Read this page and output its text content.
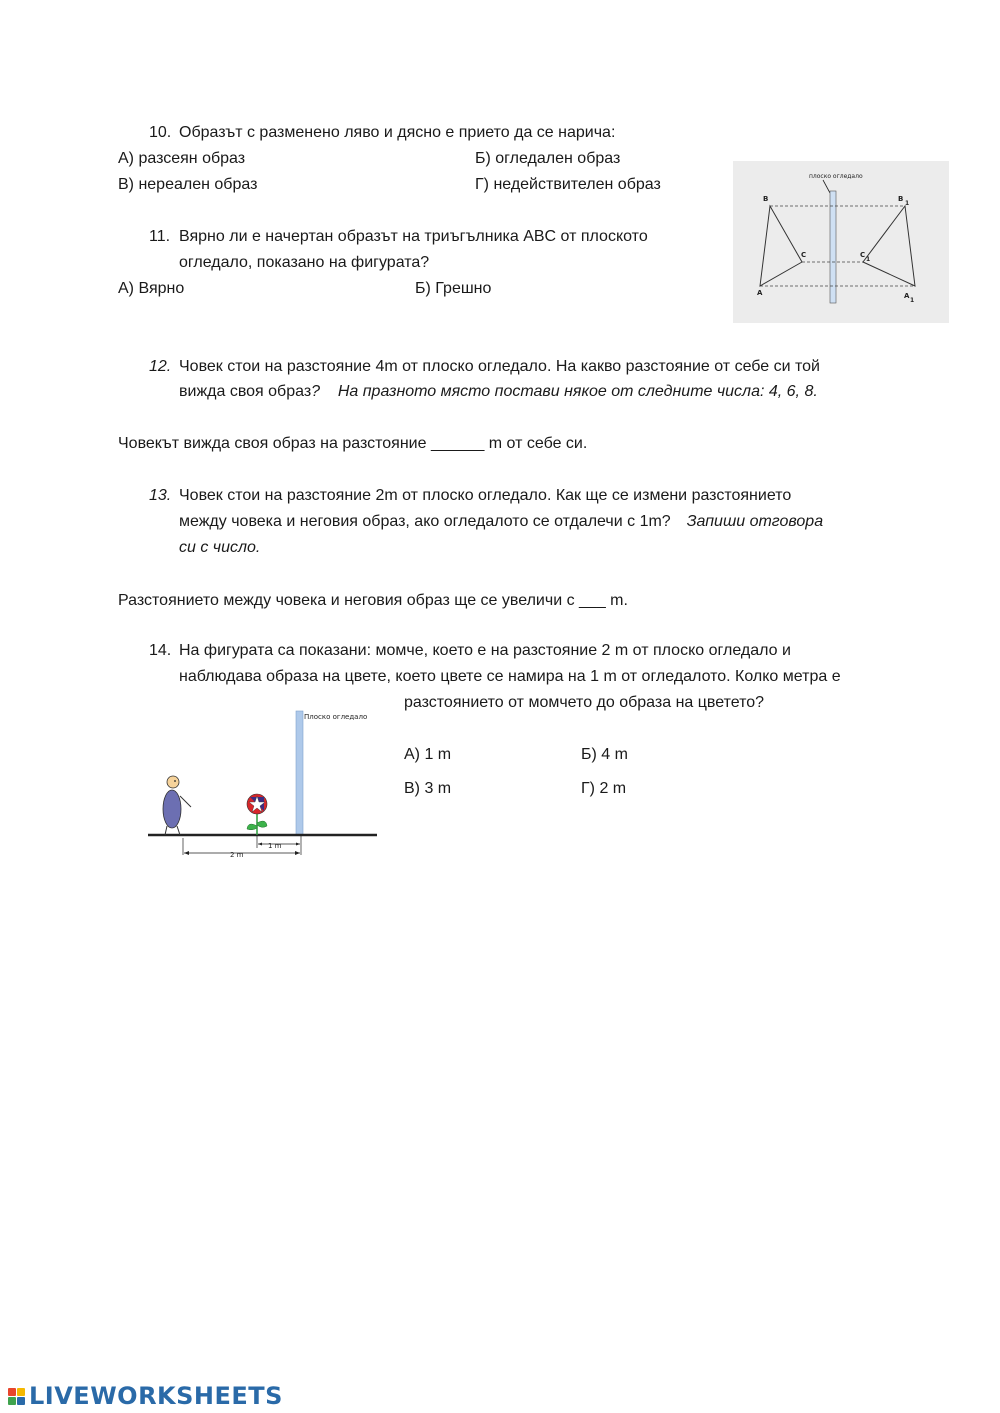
10. Образът с разменено ляво и дясно е прието да се нарича:
А) разсеян образ	Б) огледален образ
В) нереален образ	Г) недействителен образ
11. Вярно ли е начертан образът на триъгълника ABC от плоското
огледало, показано на фигурата?
А) Вярно	Б) Грешно
плоско огледало
B	B
1
C	C
1
A	A
1
12. Човек стои на разстояние 4m от плоско огледало. На какво разстояние от себе си той
вижда своя образ?    На празното място постави някое от следните числа: 4, 6, 8.
Човекът вижда своя образ на разстояние ______ m от себе си.
13. Човек стои на разстояние 2m от плоско огледало. Как ще се измени разстоянието
между човека и неговия образ, ако огледалото се отдалечи с 1m? Запиши отговора
си с число.
Разстоянието между човека и неговия образ ще се увеличи с ___ m.
14. На фигурата са показани: момче, което е на разстояние 2 m от плоско огледало и
наблюдава образа на цвете, което цвете се намира на 1 m от огледалото. Колко метра е
разстоянието от момчето до образа на цветето?
А) 1 m	Б) 4 m
В) 3 m	Г) 2 m
Плоско огледало
2 m
1 m
LIVEWORKSHEETS
